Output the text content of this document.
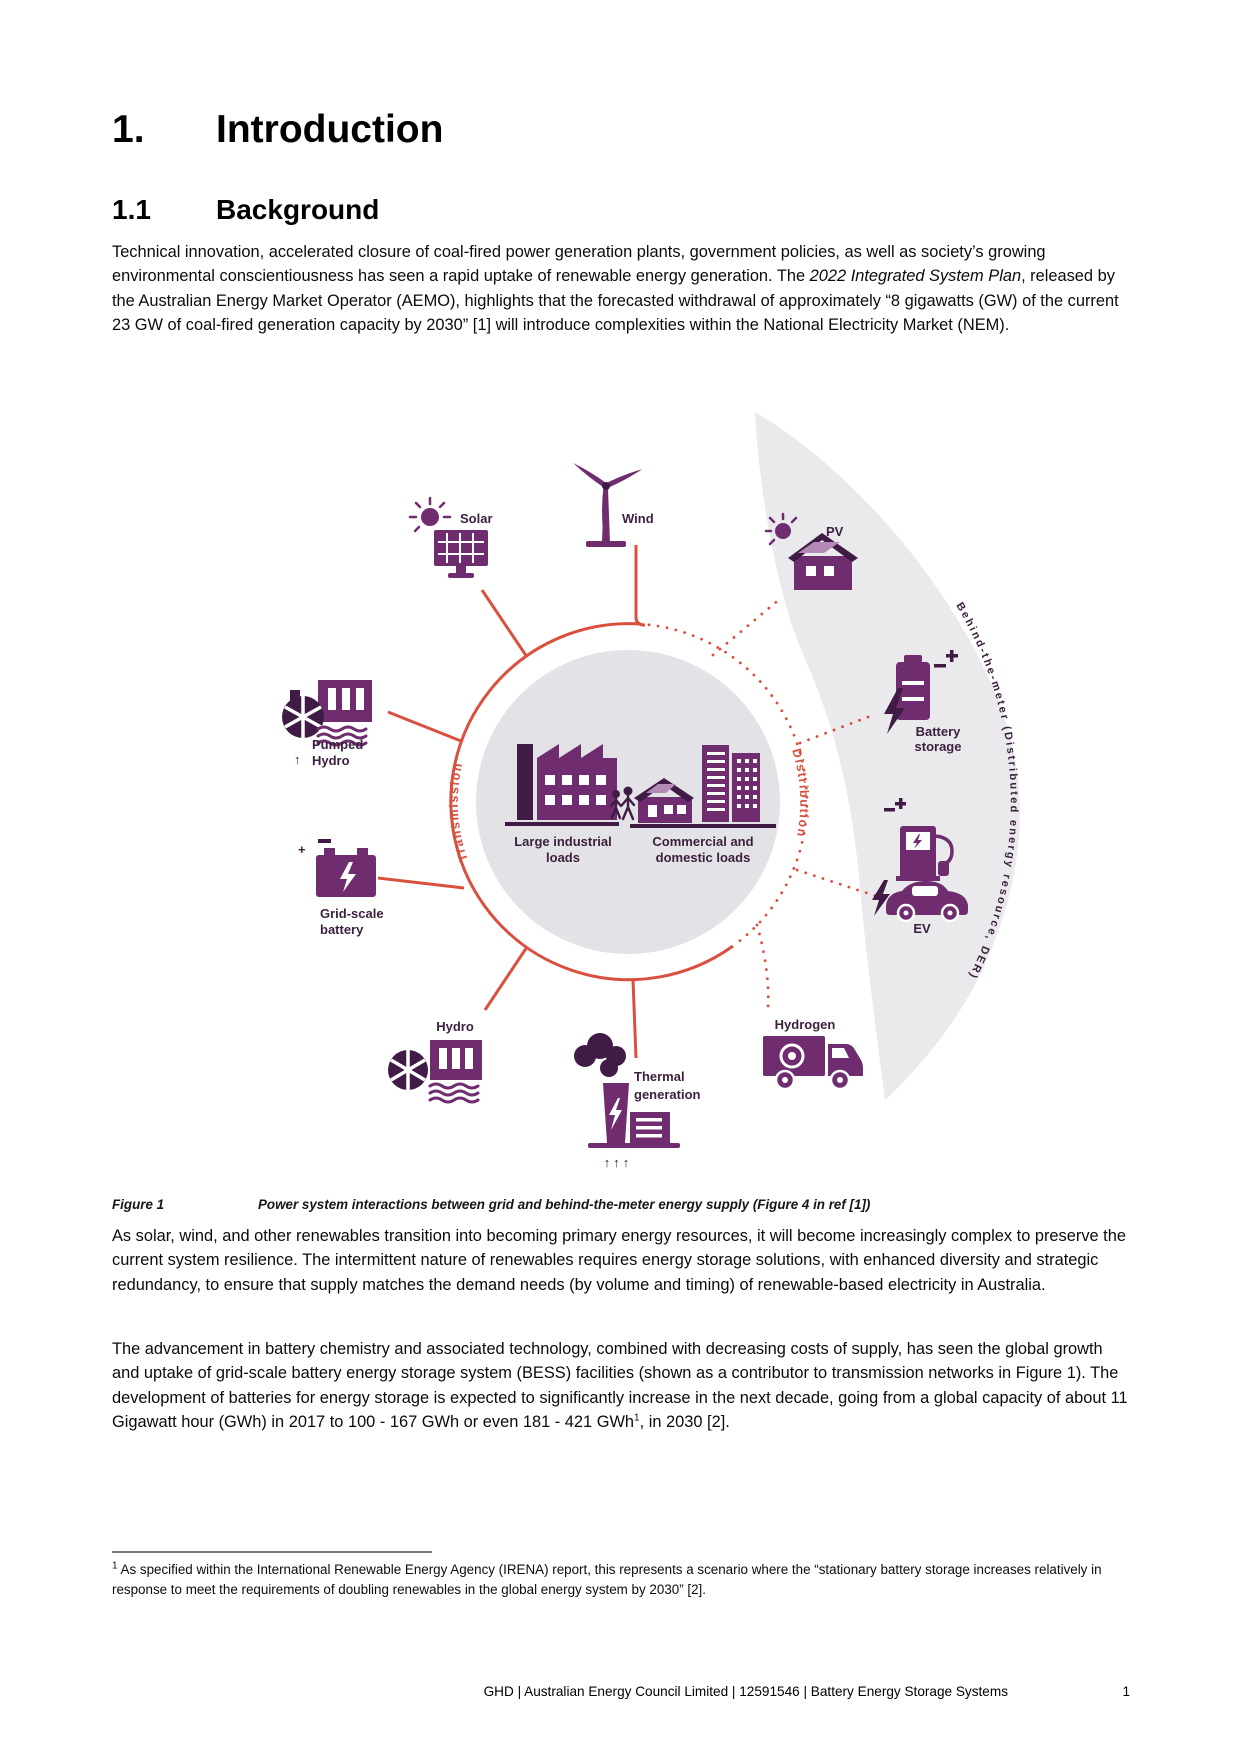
1. Introduction
1.1 Background
Technical innovation, accelerated closure of coal-fired power generation plants, government policies, as well as society’s growing environmental conscientiousness has seen a rapid uptake of renewable energy generation. The 2022 Integrated System Plan, released by the Australian Energy Market Operator (AEMO), highlights that the forecasted withdrawal of approximately “8 gigawatts (GW) of the current 23 GW of coal-fired generation capacity by 2030” [1] will introduce complexities within the National Electricity Market (NEM).
Transmission
Distribution
Behind-the-meter (Distributed energy resource, DER)
Solar	Wind
PV
↑
Pumped
Hydro
+
Grid-scale
battery
Battery
storage
EV
Hydro	Hydrogen
↑↑↑
Thermal
generation
Large industrial
loads
Commercial and
domestic loads
Figure 1	Power system interactions between grid and behind-the-meter energy supply (Figure 4 in ref [1])
As solar, wind, and other renewables transition into becoming primary energy resources, it will become increasingly complex to preserve the current system resilience. The intermittent nature of renewables requires energy storage solutions, with enhanced diversity and strategic redundancy, to ensure that supply matches the demand needs (by volume and timing) of renewable-based electricity in Australia.
The advancement in battery chemistry and associated technology, combined with decreasing costs of supply, has seen the global growth and uptake of grid-scale battery energy storage system (BESS) facilities (shown as a contributor to transmission networks in Figure 1). The development of batteries for energy storage is expected to significantly increase in the next decade, going from a global capacity of about 11 Gigawatt hour (GWh) in 2017 to 100 - 167 GWh or even 181 - 421 GWh$^1$, in 2030 [2].
$^1$ As specified within the International Renewable Energy Agency (IRENA) report, this represents a scenario where the “stationary battery storage increases relatively in response to meet the requirements of doubling renewables in the global energy system by 2030” [2].
GHD | Australian Energy Council Limited | 12591546 | Battery Energy Storage Systems	1
